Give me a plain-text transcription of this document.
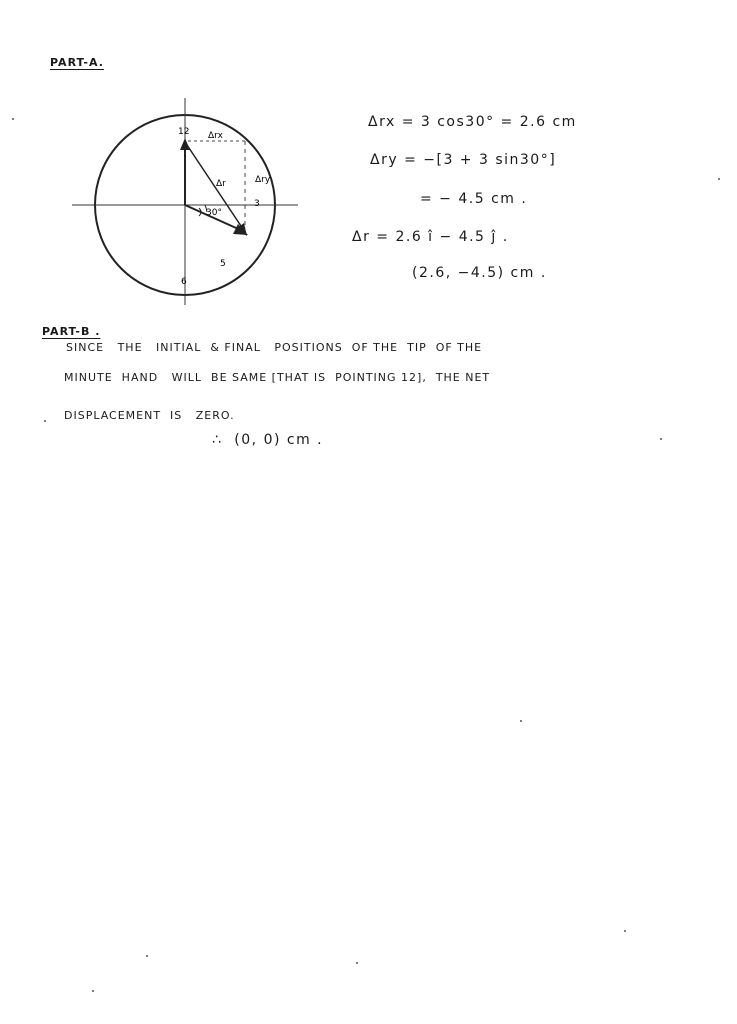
PART-A.
12 Δrx
Δr	Δry
30°
3
5
6
Δrx = 3 cos30° = 2.6 cm
Δry = −[3 + 3 sin30°]
= − 4.5 cm .
Δr = 2.6 î − 4.5 ĵ .
(2.6, −4.5) cm .
PART-B .
SINCE   THE   INITIAL  & FINAL   POSITIONS  OF THE  TIP  OF THE
MINUTE  HAND   WILL  BE SAME [THAT IS  POINTING 12],  THE NET
DISPLACEMENT  IS   ZERO.
∴  (0, 0) cm .
